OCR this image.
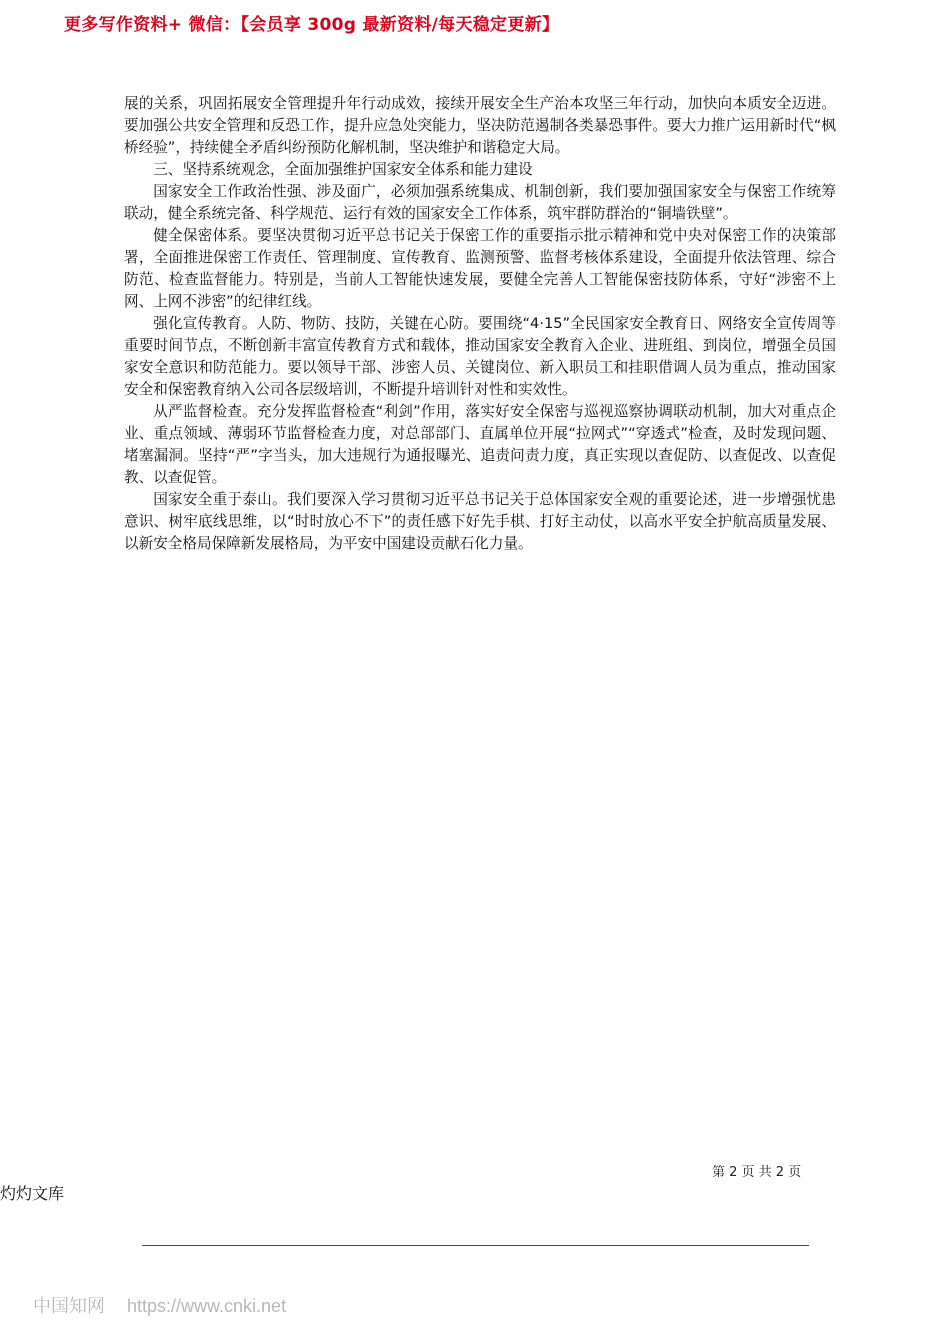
更多写作资料+ 微信：【会员享 300g 最新资料/每天稳定更新】

展的关系，巩固拓展安全管理提升年行动成效，接续开展安全生产治本攻坚三年行动，加快向本质安全迈进。要加强公共安全管理和反恐工作，提升应急处突能力，坚决防范遏制各类暴恐事件。要大力推广运用新时代“枫桥经验”，持续健全矛盾纠纷预防化解机制，坚决维护和谐稳定大局。

三、坚持系统观念，全面加强维护国家安全体系和能力建设

国家安全工作政治性强、涉及面广，必须加强系统集成、机制创新，我们要加强国家安全与保密工作统筹联动，健全系统完备、科学规范、运行有效的国家安全工作体系，筑牢群防群治的“铜墙铁壁”。

健全保密体系。要坚决贯彻习近平总书记关于保密工作的重要指示批示精神和党中央对保密工作的决策部署，全面推进保密工作责任、管理制度、宣传教育、监测预警、监督考核体系建设，全面提升依法管理、综合防范、检查监督能力。特别是，当前人工智能快速发展，要健全完善人工智能保密技防体系，守好“涉密不上网、上网不涉密”的纪律红线。

强化宣传教育。人防、物防、技防，关键在心防。要围绕“4·15”全民国家安全教育日、网络安全宣传周等重要时间节点，不断创新丰富宣传教育方式和载体，推动国家安全教育入企业、进班组、到岗位，增强全员国家安全意识和防范能力。要以领导干部、涉密人员、关键岗位、新入职员工和挂职借调人员为重点，推动国家安全和保密教育纳入公司各层级培训，不断提升培训针对性和实效性。

从严监督检查。充分发挥监督检查“利剑”作用，落实好安全保密与巡视巡察协调联动机制，加大对重点企业、重点领域、薄弱环节监督检查力度，对总部部门、直属单位开展“拉网式”“穿透式”检查，及时发现问题、堵塞漏洞。坚持“严”字当头，加大违规行为通报曝光、追责问责力度，真正实现以查促防、以查促改、以查促教、以查促管。

国家安全重于泰山。我们要深入学习贯彻习近平总书记关于总体国家安全观的重要论述，进一步增强忧患意识、树牢底线思维，以“时时放心不下”的责任感下好先手棋、打好主动仗，以高水平安全护航高质量发展、以新安全格局保障新发展格局，为平安中国建设贡献石化力量。

第 2 页 共 2 页
灼灼文库
中国知网 https://www.cnki.net
